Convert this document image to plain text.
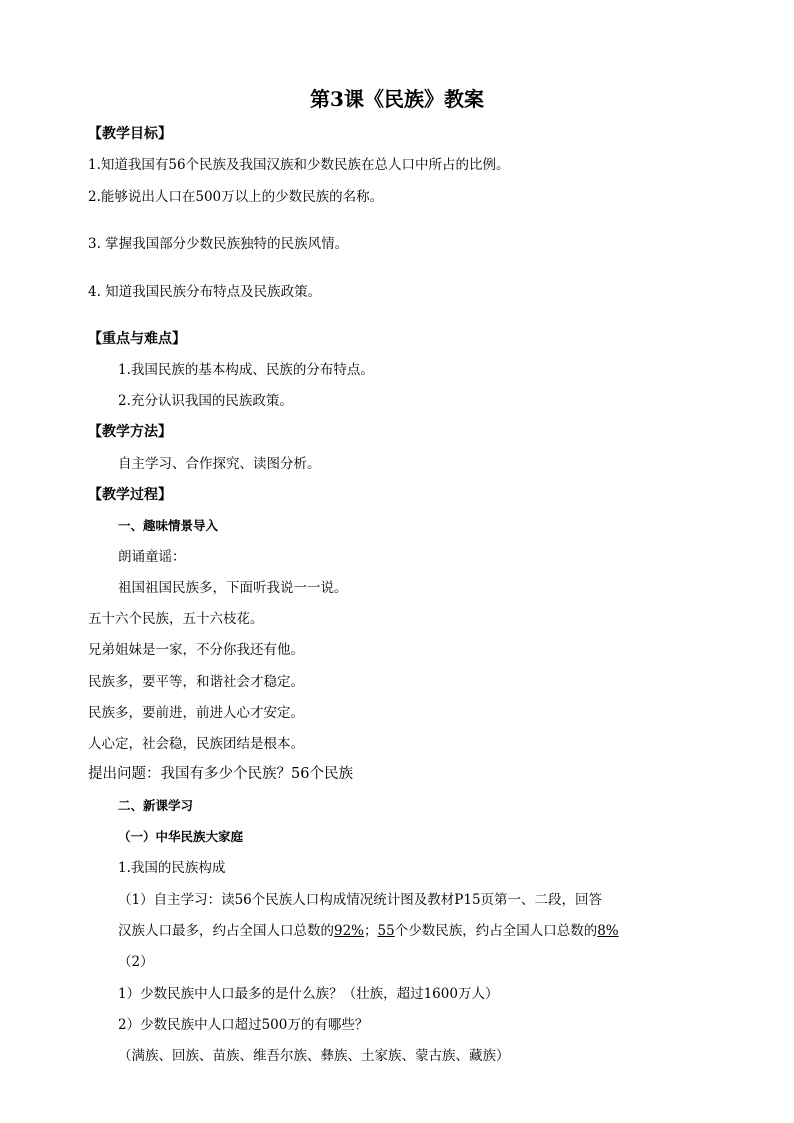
第3课《民族》教案
【教学目标】
1.知道我国有56个民族及我国汉族和少数民族在总人口中所占的比例。
2.能够说出人口在500万以上的少数民族的名称。
3. 掌握我国部分少数民族独特的民族风情。
4. 知道我国民族分布特点及民族政策。
【重点与难点】
1.我国民族的基本构成、民族的分布特点。
2.充分认识我国的民族政策。
【教学方法】
自主学习、合作探究、读图分析。
【教学过程】
一、趣味情景导入
朗诵童谣：
祖国祖国民族多，下面听我说一一说。
五十六个民族，五十六枝花。
兄弟姐妹是一家，不分你我还有他。
民族多，要平等，和谐社会才稳定。
民族多，要前进，前进人心才安定。
人心定，社会稳，民族团结是根本。
提出问题：我国有多少个民族？56个民族
二、新课学习
（一）中华民族大家庭
1.我国的民族构成
（1）自主学习：读56个民族人口构成情况统计图及教材P15页第一、二段，回答
汉族人口最多，约占全国人口总数的92%；55个少数民族，约占全国人口总数的8%
（2）
1）少数民族中人口最多的是什么族？（壮族，超过1600万人）
2）少数民族中人口超过500万的有哪些？
（满族、回族、苗族、维吾尔族、彝族、土家族、蒙古族、藏族）
